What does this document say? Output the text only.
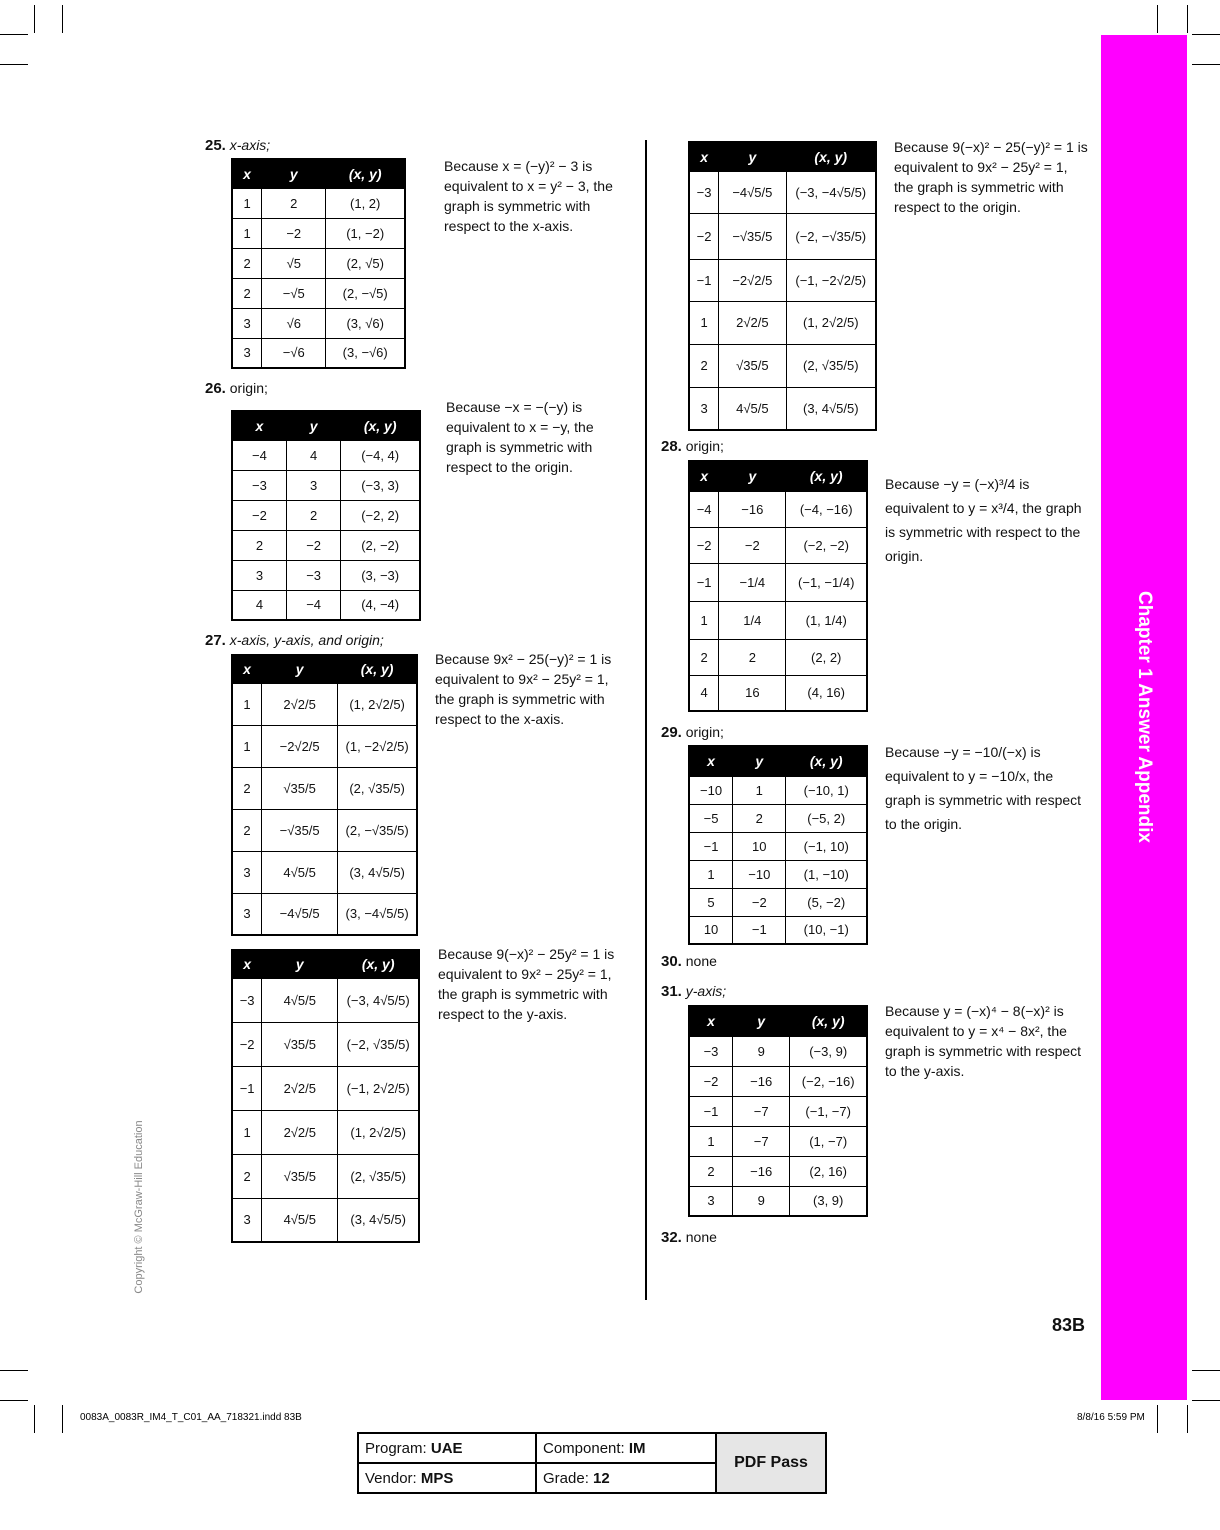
Chapter 1 Answer Appendix
Copyright © McGraw-Hill Education
25. x-axis;
x	y	(x, y)
1	2	(1, 2)
1	−2	(1, −2)
2	√5	(2, √5)
2	−√5	(2, −√5)
3	√6	(3, √6)
3	−√6	(3, −√6)
Because x = (−y)² − 3 is equivalent to x = y² − 3, the graph is symmetric with respect to the x-axis.
26. origin;
x	y	(x, y)
−4	4	(−4, 4)
−3	3	(−3, 3)
−2	2	(−2, 2)
2	−2	(2, −2)
3	−3	(3, −3)
4	−4	(4, −4)
Because −x = −(−y) is equivalent to x = −y, the graph is symmetric with respect to the origin.
27. x-axis, y-axis, and origin;
x	y	(x, y)
1	2√2/5	(1, 2√2/5)
1	−2√2/5	(1, −2√2/5)
2	√35/5	(2, √35/5)
2	−√35/5	(2, −√35/5)
3	4√5/5	(3, 4√5/5)
3	−4√5/5	(3, −4√5/5)
Because 9x² − 25(−y)² = 1 is equivalent to 9x² − 25y² = 1, the graph is symmetric with respect to the x-axis.
x	y	(x, y)
−3	4√5/5	(−3, 4√5/5)
−2	√35/5	(−2, √35/5)
−1	2√2/5	(−1, 2√2/5)
1	2√2/5	(1, 2√2/5)
2	√35/5	(2, √35/5)
3	4√5/5	(3, 4√5/5)
Because 9(−x)² − 25y² = 1 is equivalent to 9x² − 25y² = 1, the graph is symmetric with respect to the y-axis.
x	y	(x, y)
−3	−4√5/5	(−3, −4√5/5)
−2	−√35/5	(−2, −√35/5)
−1	−2√2/5	(−1, −2√2/5)
1	2√2/5	(1, 2√2/5)
2	√35/5	(2, √35/5)
3	4√5/5	(3, 4√5/5)
Because 9(−x)² − 25(−y)² = 1 is equivalent to 9x² − 25y² = 1, the graph is symmetric with respect to the origin.
28. origin;
x	y	(x, y)
−4	−16	(−4, −16)
−2	−2	(−2, −2)
−1	−1/4	(−1, −1/4)
1	1/4	(1, 1/4)
2	2	(2, 2)
4	16	(4, 16)
Because −y = (−x)³/4 is equivalent to y = x³/4, the graph is symmetric with respect to the origin.
29. origin;
x	y	(x, y)
−10	1	(−10, 1)
−5	2	(−5, 2)
−1	10	(−1, 10)
1	−10	(1, −10)
5	−2	(5, −2)
10	−1	(10, −1)
Because −y = −10/(−x) is equivalent to y = −10/x, the graph is symmetric with respect to the origin.
30. none
31. y-axis;
x	y	(x, y)
−3	9	(−3, 9)
−2	−16	(−2, −16)
−1	−7	(−1, −7)
1	−7	(1, −7)
2	−16	(2, 16)
3	9	(3, 9)
Because y = (−x)⁴ − 8(−x)² is equivalent to y = x⁴ − 8x², the graph is symmetric with respect to the y-axis.
32. none
83B
0083A_0083R_IM4_T_C01_AA_718321.indd 83B	8/8/16 5:59 PM
Program: UAE	Component: IM	PDF Pass
Vendor: MPS	Grade: 12	
